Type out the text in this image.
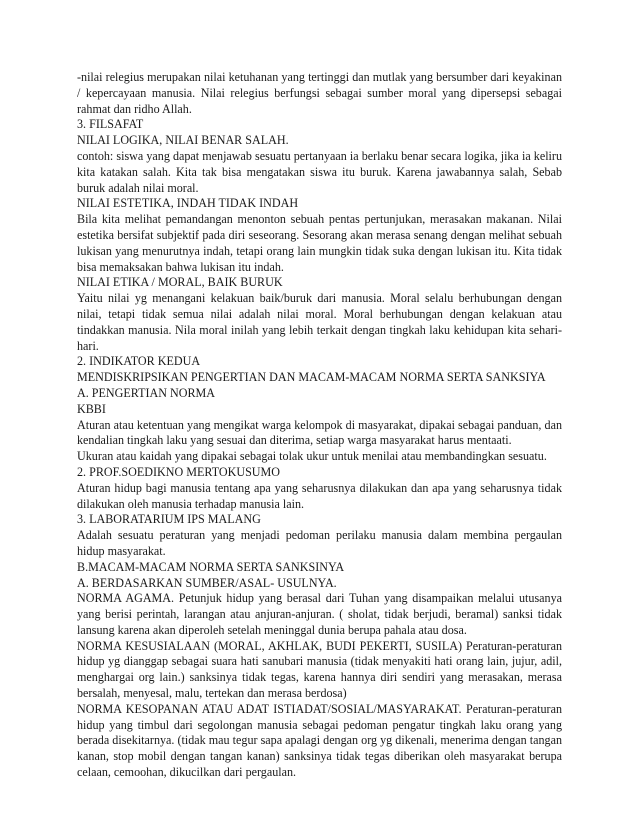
-nilai relegius merupakan nilai ketuhanan yang tertinggi dan mutlak yang bersumber dari keyakinan / kepercayaan manusia. Nilai relegius berfungsi sebagai sumber moral yang dipersepsi sebagai rahmat dan ridho Allah.

3. FILSAFAT

NILAI LOGIKA, NILAI BENAR SALAH.

contoh: siswa yang dapat menjawab sesuatu pertanyaan ia berlaku benar secara logika, jika ia keliru kita katakan salah. Kita tak bisa mengatakan siswa itu buruk. Karena jawabannya salah, Sebab buruk adalah nilai moral.

NILAI ESTETIKA, INDAH TIDAK INDAH

Bila kita melihat pemandangan menonton sebuah pentas pertunjukan, merasakan makanan. Nilai estetika bersifat subjektif pada diri seseorang. Sesorang akan merasa senang dengan melihat sebuah lukisan yang menurutnya indah, tetapi orang lain mungkin tidak suka dengan lukisan itu. Kita tidak bisa memaksakan bahwa lukisan itu indah.

NILAI ETIKA / MORAL, BAIK BURUK

Yaitu nilai yg menangani kelakuan baik/buruk dari manusia. Moral selalu berhubungan dengan nilai, tetapi tidak semua nilai adalah nilai moral. Moral berhubungan dengan kelakuan atau tindakkan manusia. Nila moral inilah yang lebih terkait dengan tingkah laku kehidupan kita sehari-hari.

2. INDIKATOR KEDUA

MENDISKRIPSIKAN PENGERTIAN DAN MACAM-MACAM NORMA SERTA SANKSIYA

A. PENGERTIAN NORMA

KBBI

Aturan atau ketentuan yang mengikat warga kelompok di masyarakat, dipakai sebagai panduan, dan kendalian tingkah laku yang sesuai dan diterima, setiap warga masyarakat harus mentaati.

Ukuran atau kaidah yang dipakai sebagai tolak ukur untuk menilai atau membandingkan sesuatu.

2. PROF.SOEDIKNO MERTOKUSUMO

Aturan hidup bagi manusia tentang apa yang seharusnya dilakukan dan apa yang seharusnya tidak dilakukan oleh manusia terhadap manusia lain.

3. LABORATARIUM IPS MALANG

Adalah sesuatu peraturan yang menjadi pedoman perilaku manusia dalam membina pergaulan hidup masyarakat.

B.MACAM-MACAM NORMA SERTA SANKSINYA

A. BERDASARKAN SUMBER/ASAL- USULNYA.

NORMA AGAMA. Petunjuk hidup yang berasal dari Tuhan yang disampaikan melalui utusanya yang berisi perintah, larangan atau anjuran-anjuran. ( sholat, tidak berjudi, beramal) sanksi tidak lansung karena akan diperoleh setelah meninggal dunia berupa pahala atau dosa.

NORMA KESUSIALAAN (MORAL, AKHLAK, BUDI PEKERTI, SUSILA) Peraturan-peraturan hidup yg dianggap sebagai suara hati sanubari manusia (tidak menyakiti hati orang lain, jujur, adil, menghargai org lain.) sanksinya tidak tegas, karena hannya diri sendiri yang merasakan, merasa bersalah, menyesal, malu, tertekan dan merasa berdosa)

NORMA KESOPANAN ATAU ADAT ISTIADAT/SOSIAL/MASYARAKAT. Peraturan-peraturan hidup yang timbul dari segolongan manusia sebagai pedoman pengatur tingkah laku orang yang berada disekitarnya. (tidak mau tegur sapa apalagi dengan org yg dikenali, menerima dengan tangan kanan, stop mobil dengan tangan kanan) sanksinya tidak tegas diberikan oleh masyarakat berupa celaan, cemoohan, dikucilkan dari pergaulan.
